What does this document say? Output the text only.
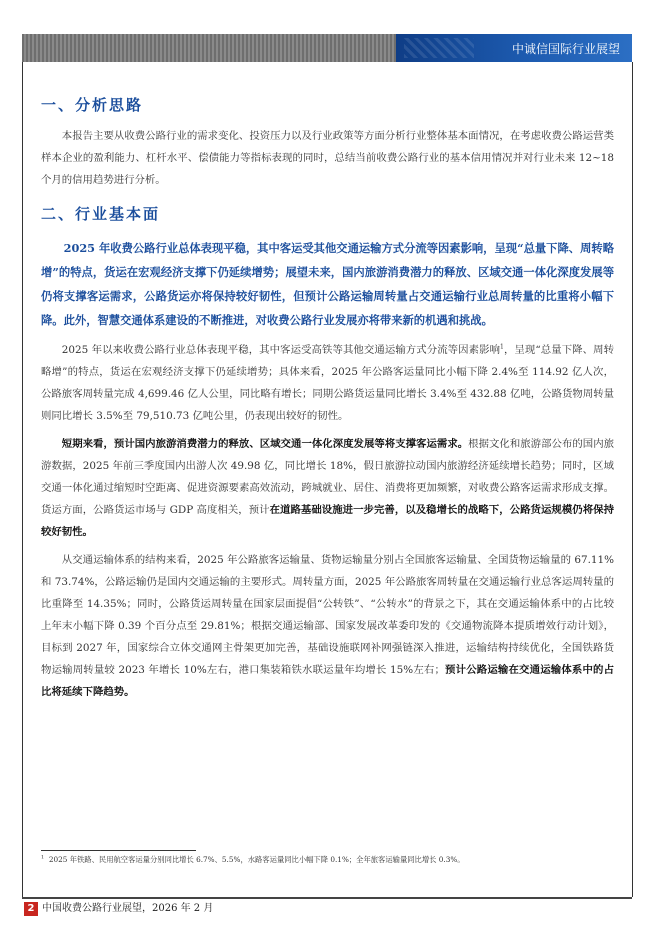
中诚信国际行业展望
一、分析思路

本报告主要从收费公路行业的需求变化、投资压力以及行业政策等方面分析行业整体基本面情况，在考虑收费公路运营类样本企业的盈利能力、杠杆水平、偿债能力等指标表现的同时，总结当前收费公路行业的基本信用情况并对行业未来 12~18 个月的信用趋势进行分析。

二、行业基本面
2025 年收费公路行业总体表现平稳，其中客运受其他交通运输方式分流等因素影响，呈现“总量下降、周转略增”的特点，货运在宏观经济支撑下仍延续增势；展望未来，国内旅游消费潜力的释放、区域交通一体化深度发展等仍将支撑客运需求，公路货运亦将保持较好韧性，但预计公路运输周转量占交通运输行业总周转量的比重将小幅下降。此外，智慧交通体系建设的不断推进，对收费公路行业发展亦将带来新的机遇和挑战。

2025 年以来收费公路行业总体表现平稳，其中客运受高铁等其他交通运输方式分流等因素影响$^1$，呈现“总量下降、周转略增”的特点，货运在宏观经济支撑下仍延续增势；具体来看，2025 年公路客运量同比小幅下降 2.4%至 114.92 亿人次，公路旅客周转量完成 4,699.46 亿人公里，同比略有增长；同期公路货运量同比增长 3.4%至 432.88 亿吨，公路货物周转量则同比增长 3.5%至 79,510.73 亿吨公里，仍表现出较好的韧性。

短期来看，预计国内旅游消费潜力的释放、区域交通一体化深度发展等将支撑客运需求。根据文化和旅游部公布的国内旅游数据，2025 年前三季度国内出游人次 49.98 亿，同比增长 18%，假日旅游拉动国内旅游经济延续增长趋势；同时，区域交通一体化通过缩短时空距离、促进资源要素高效流动，跨城就业、居住、消费将更加频繁，对收费公路客运需求形成支撑。货运方面，公路货运市场与 GDP 高度相关，预计在道路基础设施进一步完善，以及稳增长的战略下，公路货运规模仍将保持较好韧性。

从交通运输体系的结构来看，2025 年公路旅客运输量、货物运输量分别占全国旅客运输量、全国货物运输量的 67.11%和 73.74%，公路运输仍是国内交通运输的主要形式。周转量方面，2025 年公路旅客周转量在交通运输行业总客运周转量的比重降至 14.35%；同时，公路货运周转量在国家层面提倡“公转铁”、“公转水”的背景之下，其在交通运输体系中的占比较上年末小幅下降 0.39 个百分点至 29.81%；根据交通运输部、国家发展改革委印发的《交通物流降本提质增效行动计划》，目标到 2027 年，国家综合立体交通网主骨架更加完善，基础设施联网补网强链深入推进，运输结构持续优化，全国铁路货物运输周转量较 2023 年增长 10%左右，港口集装箱铁水联运量年均增长 15%左右；预计公路运输在交通运输体系中的占比将延续下降趋势。

$^1$ 2025 年铁路、民用航空客运量分别同比增长 6.7%、5.5%，水路客运量同比小幅下降 0.1%；全年旅客运输量同比增长 0.3%。
2 中国收费公路行业展望，2026 年 2 月
